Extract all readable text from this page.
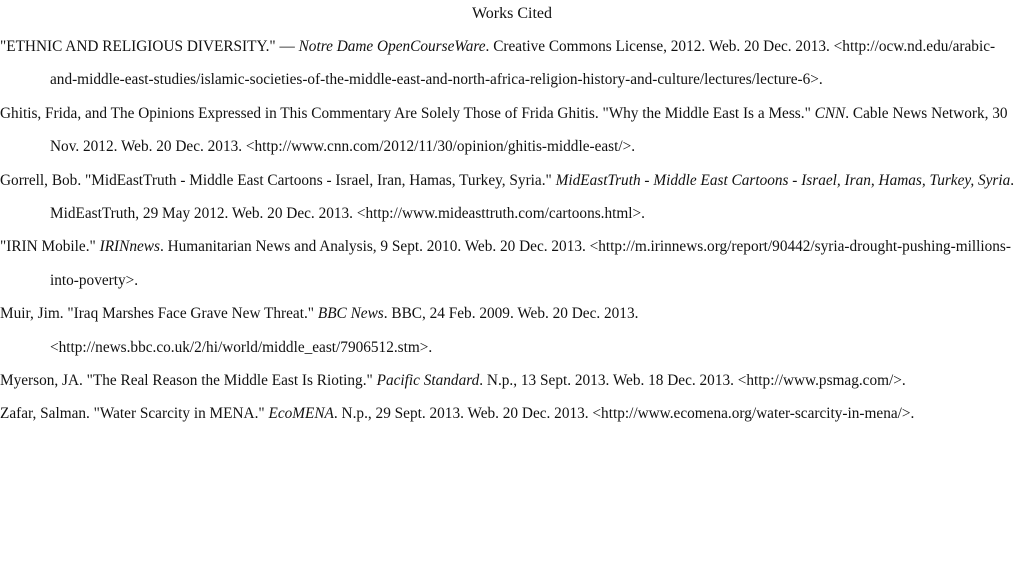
Works Cited

"ETHNIC AND RELIGIOUS DIVERSITY." — Notre Dame OpenCourseWare. Creative Commons License, 2012. Web. 20 Dec. 2013. <http://ocw.nd.edu/arabic-and-middle-east-studies/islamic-societies-of-the-middle-east-and-north-africa-religion-history-and-culture/lectures/lecture-6>.

Ghitis, Frida, and The Opinions Expressed in This Commentary Are Solely Those of Frida Ghitis. "Why the Middle East Is a Mess." CNN. Cable News Network, 30 Nov. 2012. Web. 20 Dec. 2013. <http://www.cnn.com/2012/11/30/opinion/ghitis-middle-east/>.

Gorrell, Bob. "MidEastTruth - Middle East Cartoons - Israel, Iran, Hamas, Turkey, Syria." MidEastTruth - Middle East Cartoons - Israel, Iran, Hamas, Turkey, Syria. MidEastTruth, 29 May 2012. Web. 20 Dec. 2013. <http://www.mideasttruth.com/cartoons.html>.

"IRIN Mobile." IRINnews. Humanitarian News and Analysis, 9 Sept. 2010. Web. 20 Dec. 2013. <http://m.irinnews.org/report/90442/syria-drought-pushing-millions-into-poverty>.

Muir, Jim. "Iraq Marshes Face Grave New Threat." BBC News. BBC, 24 Feb. 2009. Web. 20 Dec. 2013. <http://news.bbc.co.uk/2/hi/world/middle_east/7906512.stm>.

Myerson, JA. "The Real Reason the Middle East Is Rioting." Pacific Standard. N.p., 13 Sept. 2013. Web. 18 Dec. 2013. <http://www.psmag.com/>.

Zafar, Salman. "Water Scarcity in MENA." EcoMENA. N.p., 29 Sept. 2013. Web. 20 Dec. 2013. <http://www.ecomena.org/water-scarcity-in-mena/>.
